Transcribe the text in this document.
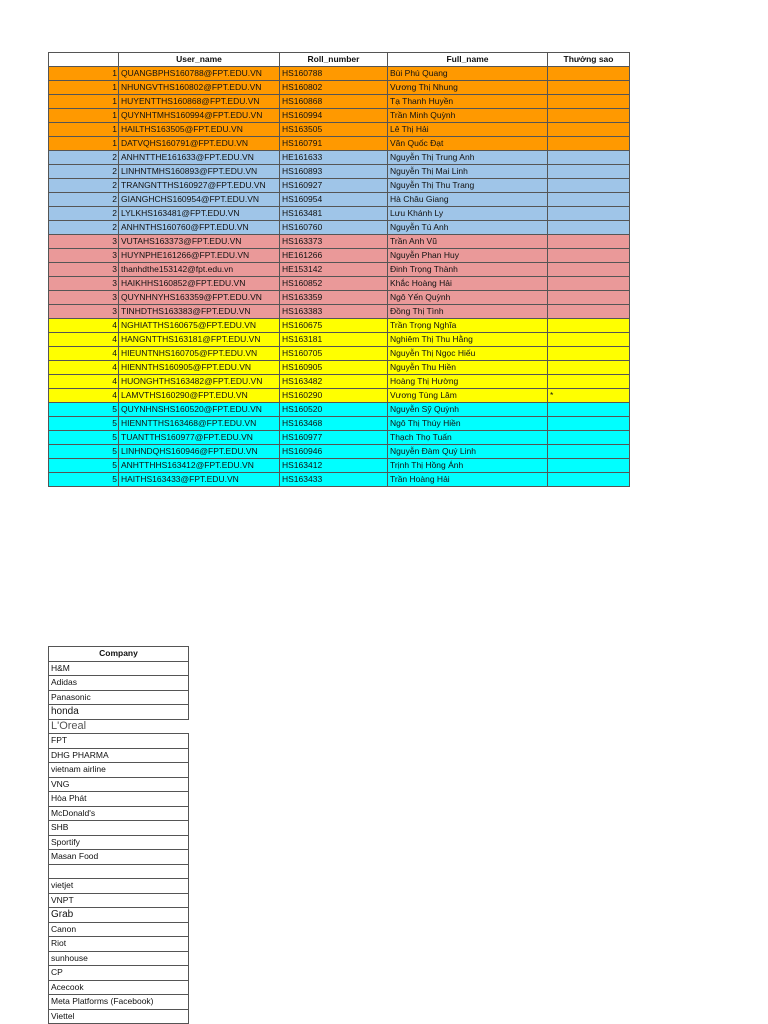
	User_name	Roll_number	Full_name	Thưởng sao
1	QUANGBPHS160788@FPT.EDU.VN	HS160788	Bùi Phú Quang	
1	NHUNGVTHS160802@FPT.EDU.VN	HS160802	Vương Thị Nhung	
1	HUYENTTHS160868@FPT.EDU.VN	HS160868	Tạ Thanh Huyền	
1	QUYNHTMHS160994@FPT.EDU.VN	HS160994	Trần Minh Quỳnh	
1	HAILTHS163505@FPT.EDU.VN	HS163505	Lê Thị Hải	
1	DATVQHS160791@FPT.EDU.VN	HS160791	Văn Quốc Đạt	
2	ANHNTTHE161633@FPT.EDU.VN	HE161633	Nguyễn Thị Trung Anh	
2	LINHNTMHS160893@FPT.EDU.VN	HS160893	Nguyễn Thị Mai Linh	
2	TRANGNTTHS160927@FPT.EDU.VN	HS160927	Nguyễn Thị Thu Trang	
2	GIANGHCHS160954@FPT.EDU.VN	HS160954	Hà Châu Giang	
2	LYLKHS163481@FPT.EDU.VN	HS163481	Lưu Khánh Ly	
2	ANHNTHS160760@FPT.EDU.VN	HS160760	Nguyễn Tú Anh	
3	VUTAHS163373@FPT.EDU.VN	HS163373	Trần Anh Vũ	
3	HUYNPHE161266@FPT.EDU.VN	HE161266	Nguyễn Phan Huy	
3	thanhdthe153142@fpt.edu.vn	HE153142	Đinh Trọng Thành	
3	HAIKHHS160852@FPT.EDU.VN	HS160852	Khắc Hoàng Hải	
3	QUYNHNYHS163359@FPT.EDU.VN	HS163359	Ngô Yến Quỳnh	
3	TINHDTHS163383@FPT.EDU.VN	HS163383	Đồng Thị Tình	
4	NGHIATTHS160675@FPT.EDU.VN	HS160675	Trần Trọng Nghĩa	
4	HANGNTTHS163181@FPT.EDU.VN	HS163181	Nghiêm Thị Thu Hằng	
4	HIEUNTNHS160705@FPT.EDU.VN	HS160705	Nguyễn Thị Ngọc Hiếu	
4	HIENNTHS160905@FPT.EDU.VN	HS160905	Nguyễn Thu Hiền	
4	HUONGHTHS163482@FPT.EDU.VN	HS163482	Hoàng Thị Hường	
4	LAMVTHS160290@FPT.EDU.VN	HS160290	Vương Tùng Lâm	*
5	QUYNHNSHS160520@FPT.EDU.VN	HS160520	Nguyễn Sỹ Quỳnh	
5	HIENNTTHS163468@FPT.EDU.VN	HS163468	Ngô Thị Thúy Hiền	
5	TUANTTHS160977@FPT.EDU.VN	HS160977	Thạch Thọ Tuấn	
5	LINHNDQHS160946@FPT.EDU.VN	HS160946	Nguyễn Đàm Quý Linh	
5	ANHTTHHS163412@FPT.EDU.VN	HS163412	Trịnh Thị Hồng Ánh	
5	HAITHS163433@FPT.EDU.VN	HS163433	Trần Hoàng Hải	
Company
H&M
Adidas
Panasonic
honda
L'Oreal
FPT
DHG PHARMA
vietnam airline
VNG
Hòa Phát
McDonald's
SHB
Sportify
Masan Food

vietjet
VNPT
Grab
Canon
Riot
sunhouse
CP
Acecook
Meta Platforms (Facebook)
Viettel
